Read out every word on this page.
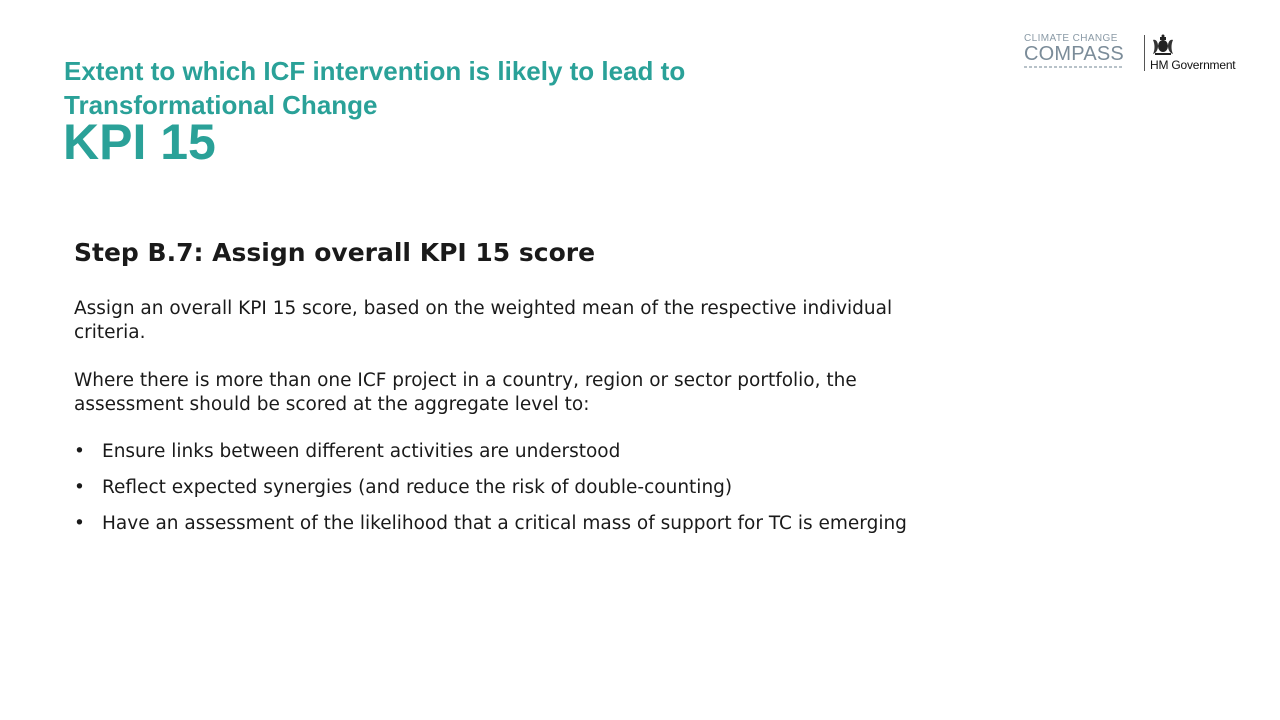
Extent to which ICF intervention is likely to lead to Transformational Change
KPI 15
CLIMATE CHANGE
COMPASS HM Government
Step B.7: Assign overall KPI 15 score

Assign an overall KPI 15 score, based on the weighted mean of the respective individual criteria.

Where there is more than one ICF project in a country, region or sector portfolio, the assessment should be scored at the aggregate level to:

• Ensure links between different activities are understood
• Reflect expected synergies (and reduce the risk of double-counting)
• Have an assessment of the likelihood that a critical mass of support for TC is emerging
